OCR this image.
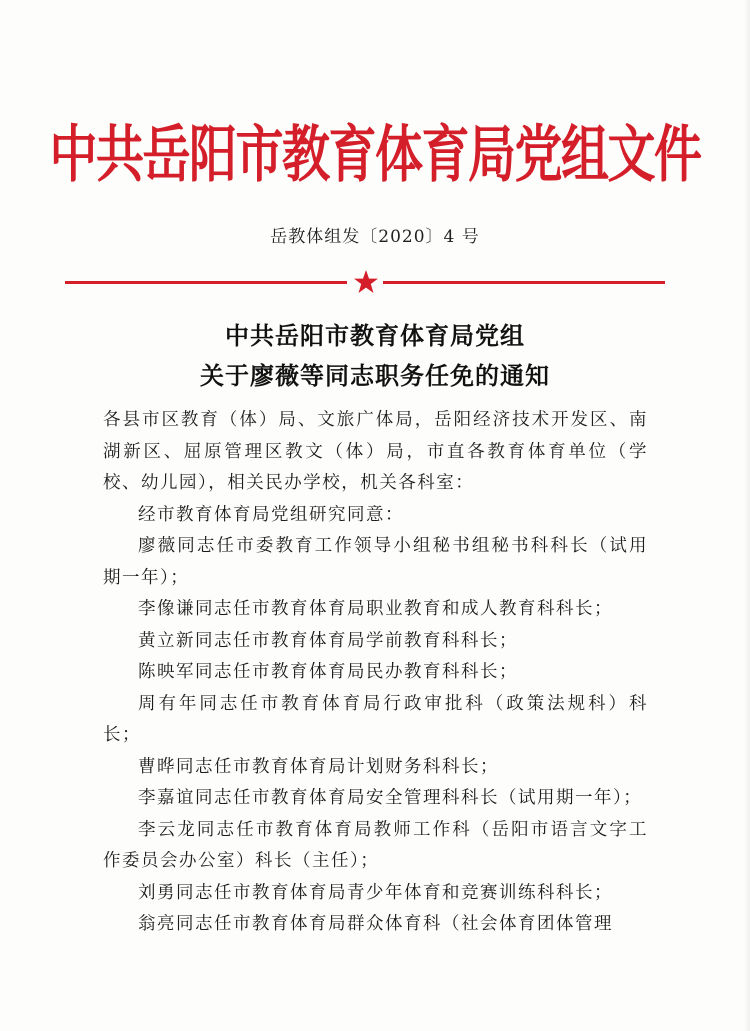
中共岳阳市教育体育局党组文件
岳教体组发〔2020〕4 号
中共岳阳市教育体育局党组
关于廖薇等同志职务任免的通知

各县市区教育（体）局、文旅广体局，岳阳经济技术开发区、南湖新区、屈原管理区教文（体）局，市直各教育体育单位（学校、幼儿园），相关民办学校，机关各科室：

经市教育体育局党组研究同意：

廖薇同志任市委教育工作领导小组秘书组秘书科科长（试用期一年）；

李像谦同志任市教育体育局职业教育和成人教育科科长；

黄立新同志任市教育体育局学前教育科科长；

陈映军同志任市教育体育局民办教育科科长；

周有年同志任市教育体育局行政审批科（政策法规科）科长；

曹晔同志任市教育体育局计划财务科科长；

李嘉谊同志任市教育体育局安全管理科科长（试用期一年）；

李云龙同志任市教育体育局教师工作科（岳阳市语言文字工作委员会办公室）科长（主任）；

刘勇同志任市教育体育局青少年体育和竞赛训练科科长；

翁亮同志任市教育体育局群众体育科（社会体育团体管理
